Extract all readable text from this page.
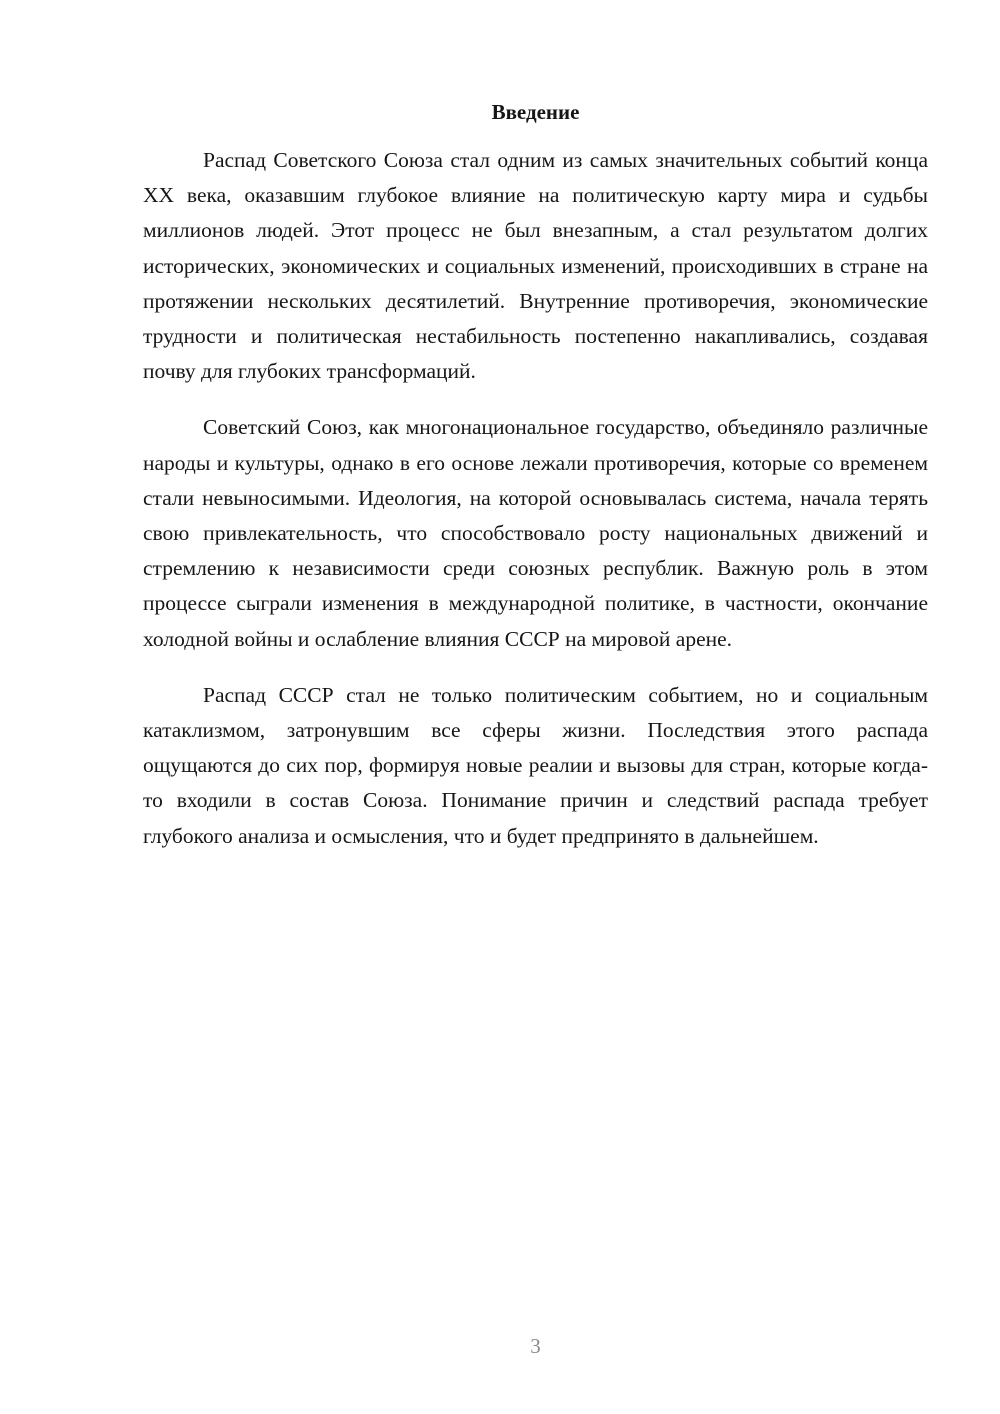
Введение

Распад Советского Союза стал одним из самых значительных событий конца XX века, оказавшим глубокое влияние на политическую карту мира и судьбы миллионов людей. Этот процесс не был внезапным, а стал результатом долгих исторических, экономических и социальных изменений, происходивших в стране на протяжении нескольких десятилетий. Внутренние противоречия, экономические трудности и политическая нестабильность постепенно накапливались, создавая почву для глубоких трансформаций.

Советский Союз, как многонациональное государство, объединяло различные народы и культуры, однако в его основе лежали противоречия, которые со временем стали невыносимыми. Идеология, на которой основывалась система, начала терять свою привлекательность, что способствовало росту национальных движений и стремлению к независимости среди союзных республик. Важную роль в этом процессе сыграли изменения в международной политике, в частности, окончание холодной войны и ослабление влияния СССР на мировой арене.

Распад СССР стал не только политическим событием, но и социальным катаклизмом, затронувшим все сферы жизни. Последствия этого распада ощущаются до сих пор, формируя новые реалии и вызовы для стран, которые когда-то входили в состав Союза. Понимание причин и следствий распада требует глубокого анализа и осмысления, что и будет предпринято в дальнейшем.

3
